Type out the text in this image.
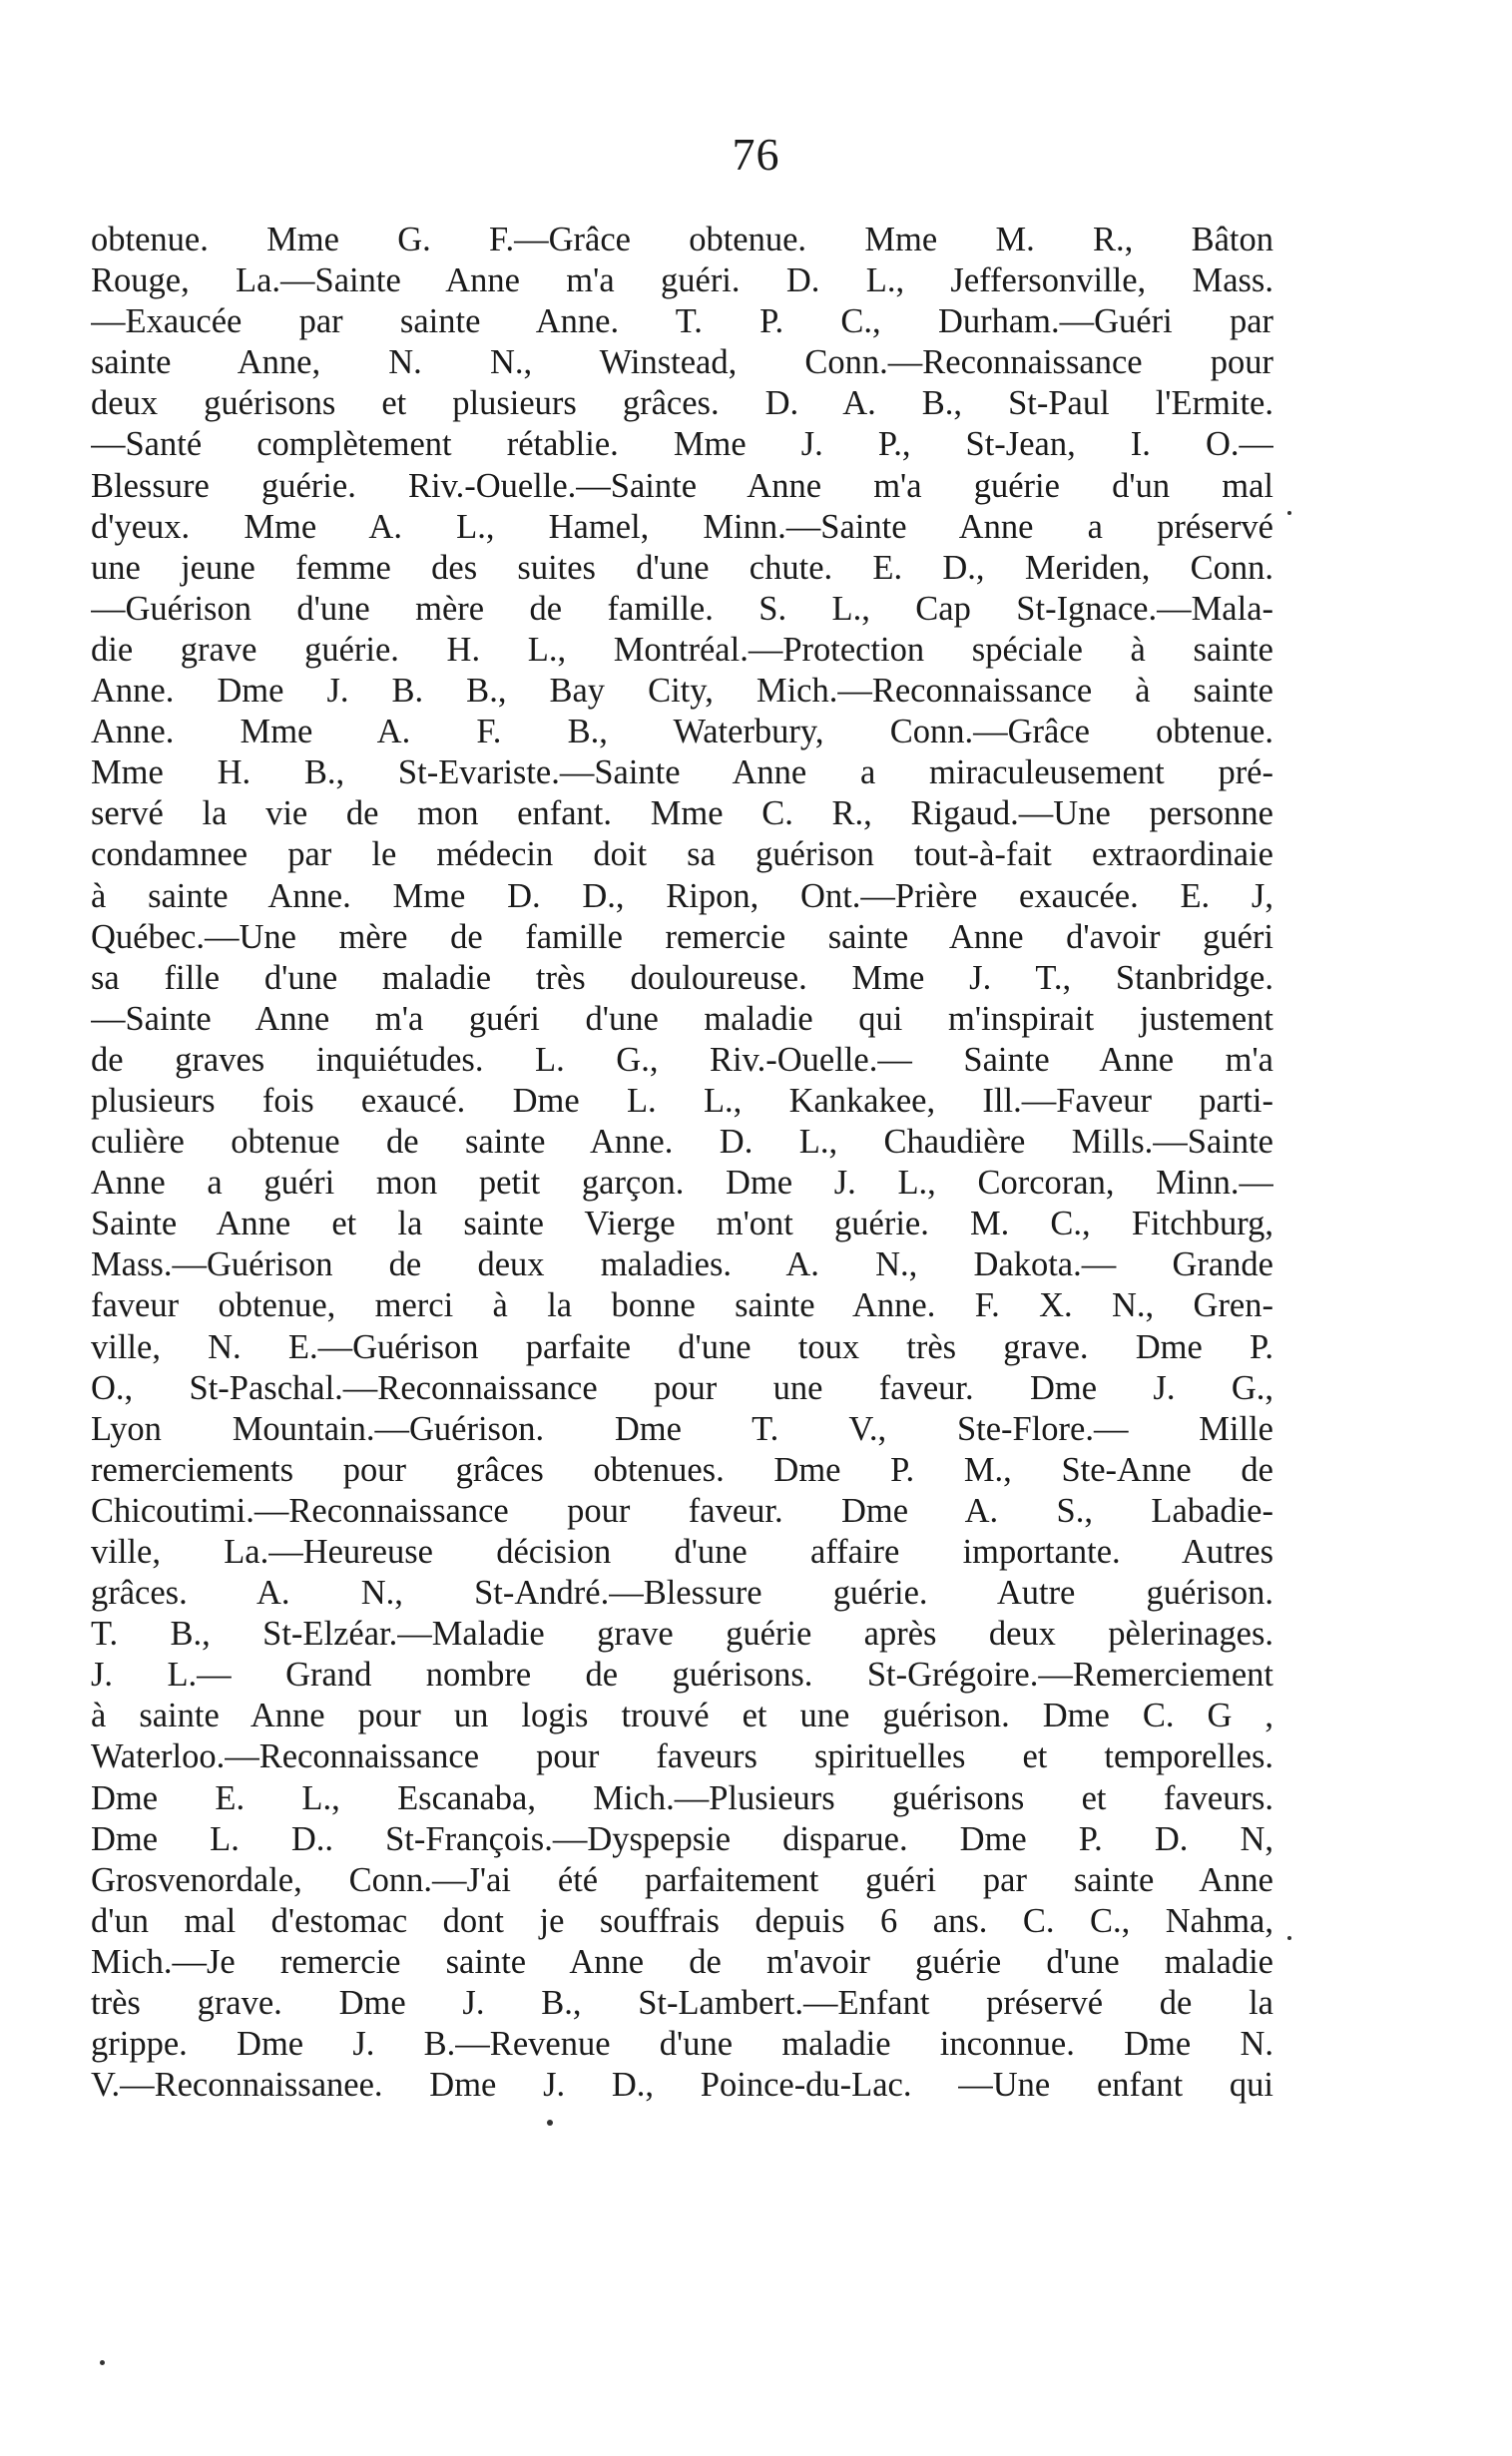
76
obtenue. Mme G. F.—Grâce obtenue. Mme M. R., Bâton
Rouge, La.—Sainte Anne m'a guéri. D. L., Jeffersonville, Mass.
—Exaucée par sainte Anne. T. P. C., Durham.—Guéri par
sainte Anne, N. N., Winstead, Conn.—Reconnaissance pour
deux guérisons et plusieurs grâces. D. A. B., St-Paul l'Ermite.
—Santé complètement rétablie. Mme J. P., St-Jean, I. O.—
Blessure guérie. Riv.-Ouelle.—Sainte Anne m'a guérie d'un mal
d'yeux. Mme A. L., Hamel, Minn.—Sainte Anne a préservé
une jeune femme des suites d'une chute. E. D., Meriden, Conn.
—Guérison d'une mère de famille. S. L., Cap St-Ignace.—Mala-
die grave guérie. H. L., Montréal.—Protection spéciale à sainte
Anne. Dme J. B. B., Bay City, Mich.—Reconnaissance à sainte
Anne. Mme A. F. B., Waterbury, Conn.—Grâce obtenue.
Mme H. B., St-Evariste.—Sainte Anne a miraculeusement pré-
servé la vie de mon enfant. Mme C. R., Rigaud.—Une personne
condamnee par le médecin doit sa guérison tout-à-fait extraordinaie
à sainte Anne. Mme D. D., Ripon, Ont.—Prière exaucée. E. J,
Québec.—Une mère de famille remercie sainte Anne d'avoir guéri
sa fille d'une maladie très douloureuse. Mme J. T., Stanbridge.
—Sainte Anne m'a guéri d'une maladie qui m'inspirait justement
de graves inquiétudes. L. G., Riv.-Ouelle.— Sainte Anne m'a
plusieurs fois exaucé. Dme L. L., Kankakee, Ill.—Faveur parti-
culière obtenue de sainte Anne. D. L., Chaudière Mills.—Sainte
Anne a guéri mon petit garçon. Dme J. L., Corcoran, Minn.—
Sainte Anne et la sainte Vierge m'ont guérie. M. C., Fitchburg,
Mass.—Guérison de deux maladies. A. N., Dakota.— Grande
faveur obtenue, merci à la bonne sainte Anne. F. X. N., Gren-
ville, N. E.—Guérison parfaite d'une toux très grave. Dme P.
O., St-Paschal.—Reconnaissance pour une faveur. Dme J. G.,
Lyon Mountain.—Guérison. Dme T. V., Ste-Flore.— Mille
remerciements pour grâces obtenues. Dme P. M., Ste-Anne de
Chicoutimi.—Reconnaissance pour faveur. Dme A. S., Labadie-
ville, La.—Heureuse décision d'une affaire importante. Autres
grâces. A. N., St-André.—Blessure guérie. Autre guérison.
T. B., St-Elzéar.—Maladie grave guérie après deux pèlerinages.
J. L.— Grand nombre de guérisons. St-Grégoire.—Remerciement
à sainte Anne pour un logis trouvé et une guérison. Dme C. G ,
Waterloo.—Reconnaissance pour faveurs spirituelles et temporelles.
Dme E. L., Escanaba, Mich.—Plusieurs guérisons et faveurs.
Dme L. D.. St-François.—Dyspepsie disparue. Dme P. D. N,
Grosvenordale, Conn.—J'ai été parfaitement guéri par sainte Anne
d'un mal d'estomac dont je souffrais depuis 6 ans. C. C., Nahma,
Mich.—Je remercie sainte Anne de m'avoir guérie d'une maladie
très grave. Dme J. B., St-Lambert.—Enfant préservé de la
grippe. Dme J. B.—Revenue d'une maladie inconnue. Dme N.
V.—Reconnaissanee. Dme J. D., Poince-du-Lac. —Une enfant qui
